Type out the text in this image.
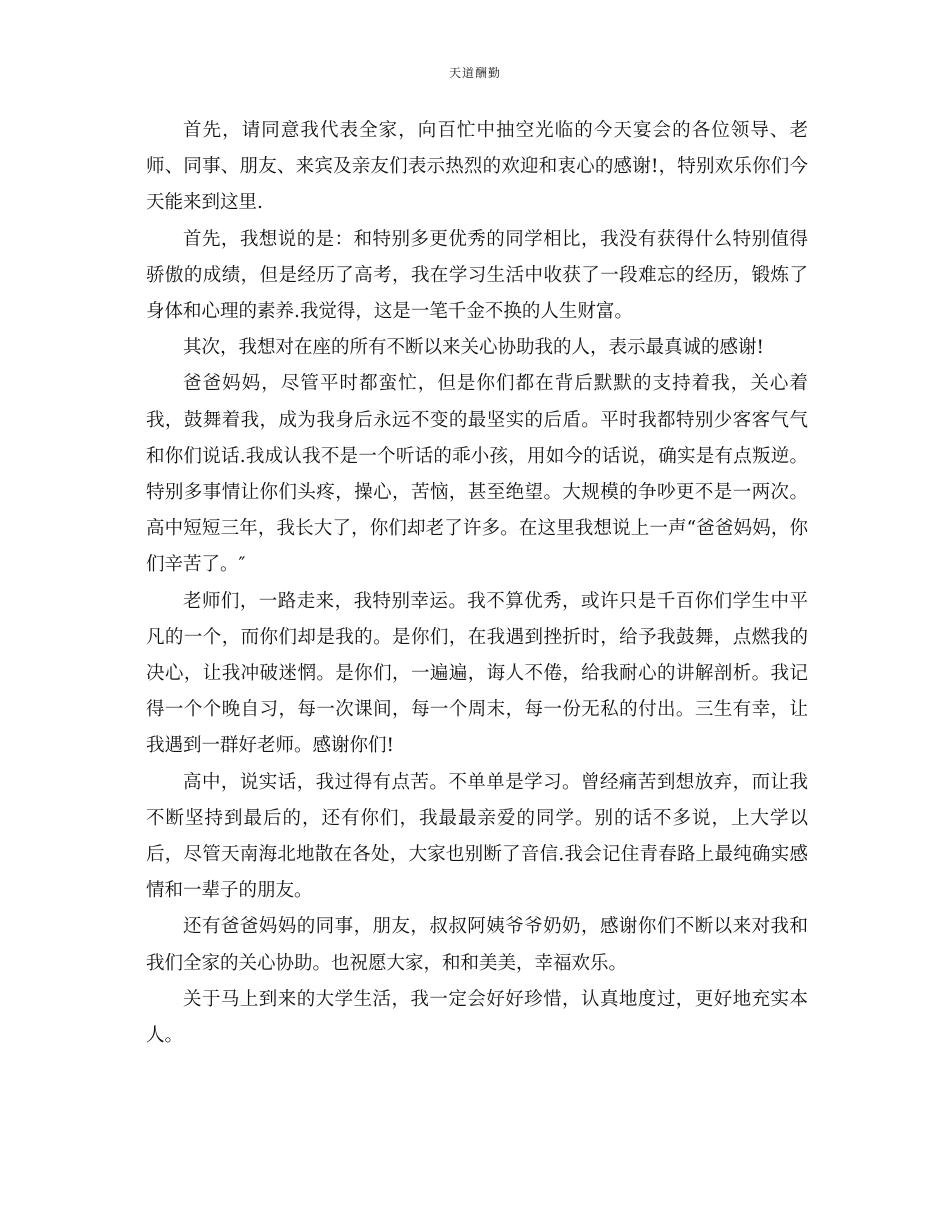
天道酬勤

首先，请同意我代表全家，向百忙中抽空光临的今天宴会的各位领导、老师、同事、朋友、来宾及亲友们表示热烈的欢迎和衷心的感谢!，特别欢乐你们今天能来到这里.

首先，我想说的是：和特别多更优秀的同学相比，我没有获得什么特别值得骄傲的成绩，但是经历了高考，我在学习生活中收获了一段难忘的经历，锻炼了身体和心理的素养.我觉得，这是一笔千金不换的人生财富。

其次，我想对在座的所有不断以来关心协助我的人，表示最真诚的感谢!

爸爸妈妈，尽管平时都蛮忙，但是你们都在背后默默的支持着我，关心着我，鼓舞着我，成为我身后永远不变的最坚实的后盾。平时我都特别少客客气气和你们说话.我成认我不是一个听话的乖小孩，用如今的话说，确实是有点叛逆。特别多事情让你们头疼，操心，苦恼，甚至绝望。大规模的争吵更不是一两次。高中短短三年，我长大了，你们却老了许多。在这里我想说上一声“爸爸妈妈，你们辛苦了。″

老师们，一路走来，我特别幸运。我不算优秀，或许只是千百你们学生中平凡的一个，而你们却是我的。是你们，在我遇到挫折时，给予我鼓舞，点燃我的决心，让我冲破迷惘。是你们，一遍遍，诲人不倦，给我耐心的讲解剖析。我记得一个个晚自习，每一次课间，每一个周末，每一份无私的付出。三生有幸，让我遇到一群好老师。感谢你们!

高中，说实话，我过得有点苦。不单单是学习。曾经痛苦到想放弃，而让我不断坚持到最后的，还有你们，我最最亲爱的同学。别的话不多说，上大学以后，尽管天南海北地散在各处，大家也别断了音信.我会记住青春路上最纯确实感情和一辈子的朋友。

还有爸爸妈妈的同事，朋友，叔叔阿姨爷爷奶奶，感谢你们不断以来对我和我们全家的关心协助。也祝愿大家，和和美美，幸福欢乐。

关于马上到来的大学生活，我一定会好好珍惜，认真地度过，更好地充实本人。
